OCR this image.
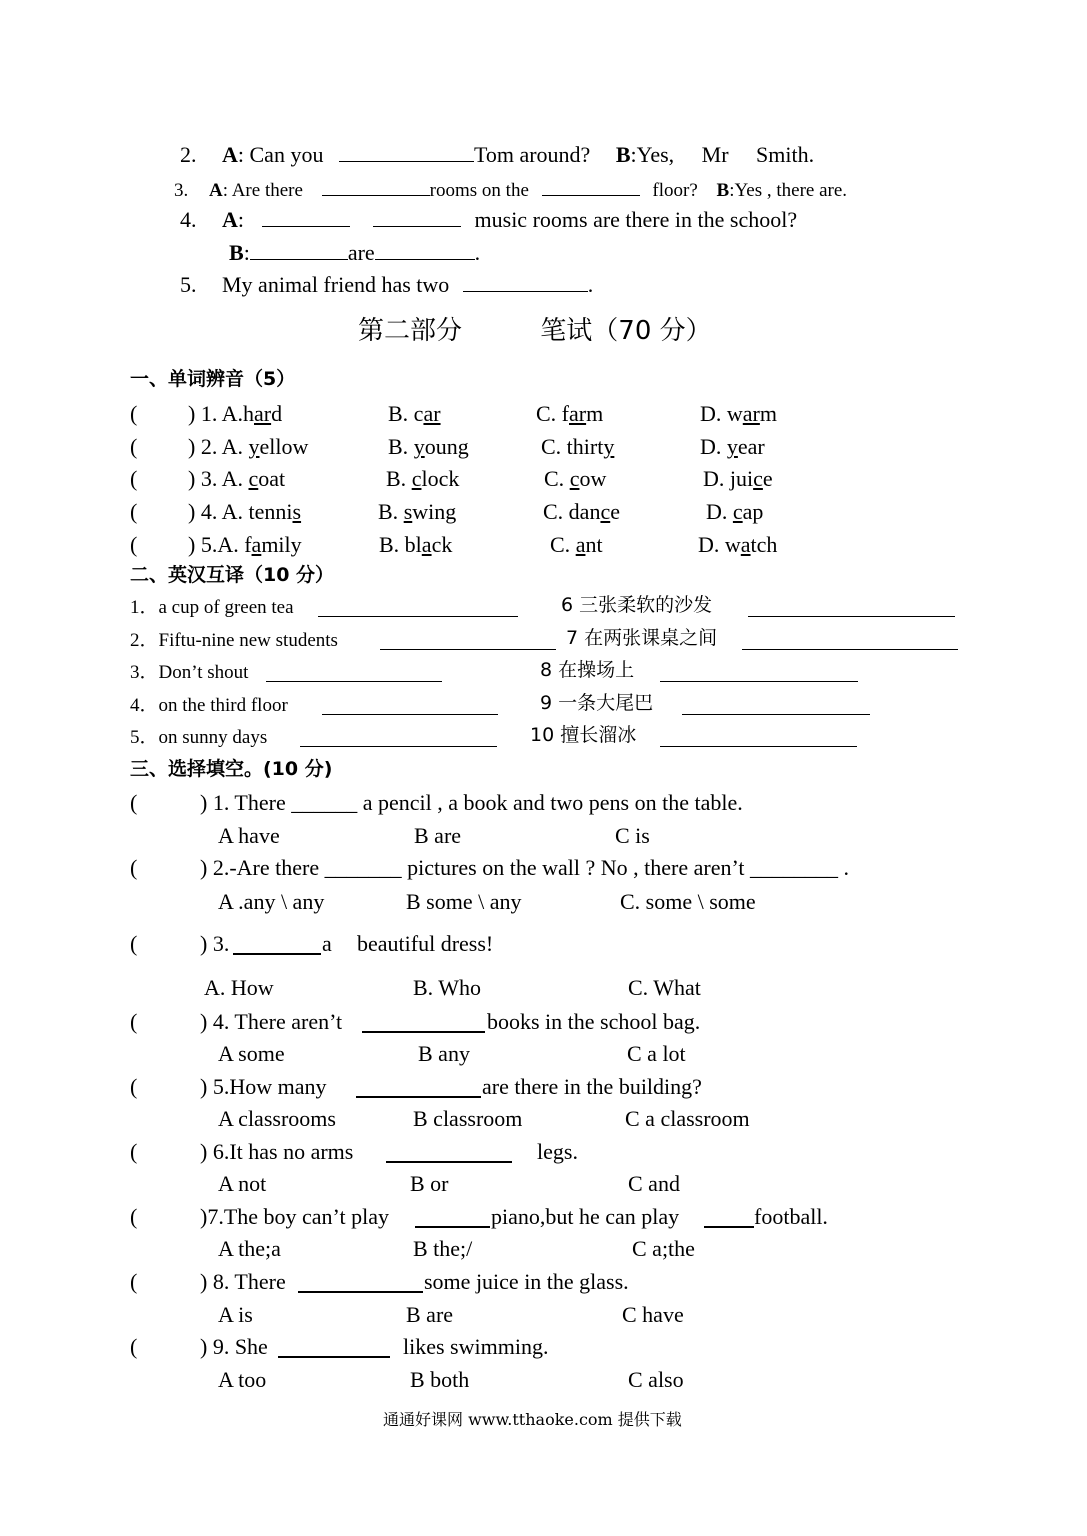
2. A: Can you	Tom around? B:Yes, Mr Smith.
3. A: Are there	rooms on the	floor? B:Yes , there are.
4. A:	music rooms are there in the school?
B:	are	.
5. My animal friend has two	.
第二部分	笔试（70 分）
一、单词辨音（5）
( ) 1. A.hard	B. car	C. farm	D. warm
( ) 2. A. yellow	B. young	C. thirty	D. year
( ) 3. A. coat	B. clock	C. cow	D. juice
( ) 4. A. tennis	B. swing	C. dance	D. cap
( ) 5.A. family	B. black	C. ant	D. watch
二、英汉互译（10 分）
1．a cup of green tea	6 三张柔软的沙发
2．Fiftu-nine new students	7 在两张课桌之间
3．Don’t shout	8 在操场上
4．on the third floor	9 一条大尾巴
5．on sunny days	10 擅长溜冰
三、选择填空。(10 分)
(	) 1. There ______ a pencil , a book and two pens on the table.
A have	B are	C is
(	) 2.-Are there _______ pictures on the wall ? No , there aren’t ________ .
A .any \ any	B some \ any	C. some \ some
(	) 3.	a beautiful dress!
A. How	B. Who	C. What
(	) 4. There aren’t	books in the school bag.
A some	B any	C a lot
(	) 5.How many	are there in the building?
A classrooms	B classroom	C a classroom
(	) 6.It has no arms	legs.
A not	B or	C and
(	)7.The boy can’t play	piano,but he can play	football.
A the;a	B the;/	C a;the
(	) 8. There	some juice in the glass.
A is	B are	C have
(	) 9. She	likes swimming.
A too	B both	C also
通通好课网 www.tthaoke.com 提供下载
